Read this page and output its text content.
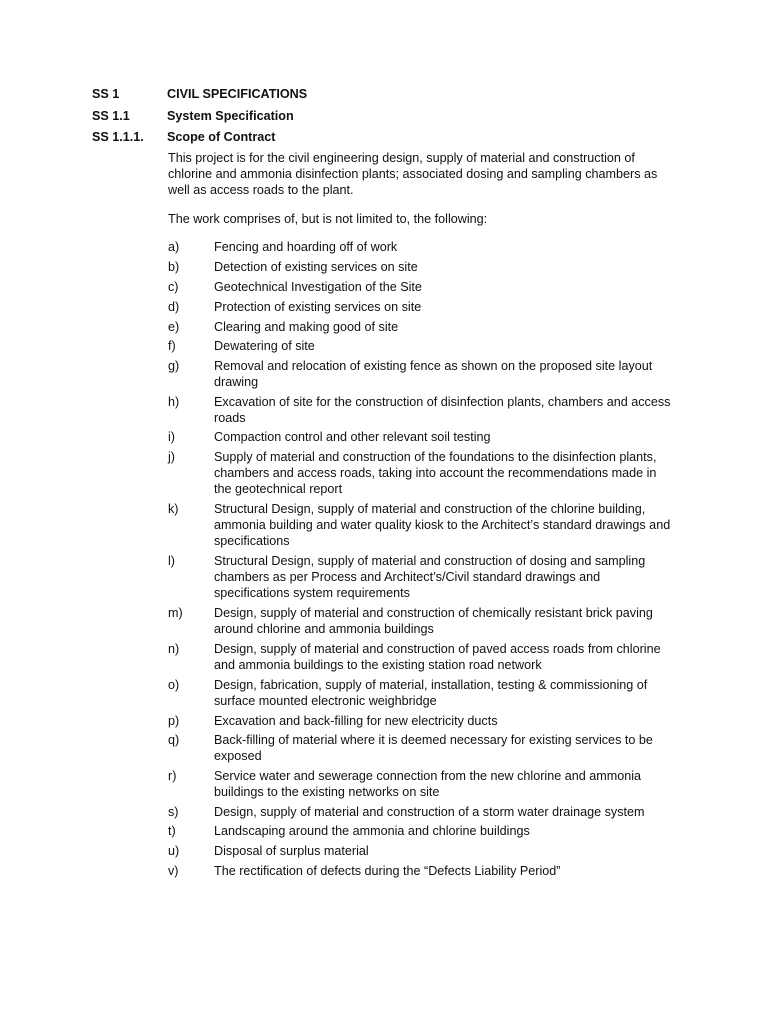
SS 1	CIVIL SPECIFICATIONS
SS 1.1	System Specification
SS 1.1.1. Scope of Contract
This project is for the civil engineering design, supply of material and construction of chlorine and ammonia disinfection plants; associated dosing and sampling chambers as well as access roads to the plant.
The work comprises of, but is not limited to, the following:
a)	Fencing and hoarding off of work
b)	Detection of existing services on site
c)	Geotechnical Investigation of the Site
d)	Protection of existing services on site
e)	Clearing and making good of site
f)	Dewatering of site
g)	Removal and relocation of existing fence as shown on the proposed site layout drawing
h)	Excavation of site for the construction of disinfection plants, chambers and access roads
i)	Compaction control and other relevant soil testing
j)	Supply of material and construction of the foundations to the disinfection plants, chambers and access roads, taking into account the recommendations made in the geotechnical report
k)	Structural Design, supply of material and construction of the chlorine building, ammonia building and water quality kiosk to the Architect’s standard drawings and specifications
l)	Structural Design, supply of material and construction of dosing and sampling chambers as per Process and Architect’s/Civil standard drawings and specifications system requirements
m) Design, supply of material and construction of chemically resistant brick paving around chlorine and ammonia buildings
n)	Design, supply of material and construction of paved access roads from chlorine and ammonia buildings to the existing station road network
o)	Design, fabrication, supply of material, installation, testing & commissioning of surface mounted electronic weighbridge
p)	Excavation and back-filling for new electricity ducts
q)	Back-filling of material where it is deemed necessary for existing services to be exposed
r)	Service water and sewerage connection from the new chlorine and ammonia buildings to the existing networks on site
s)	Design, supply of material and construction of a storm water drainage system
t)	Landscaping around the ammonia and chlorine buildings
u)	Disposal of surplus material
v)	The rectification of defects during the “Defects Liability Period”
